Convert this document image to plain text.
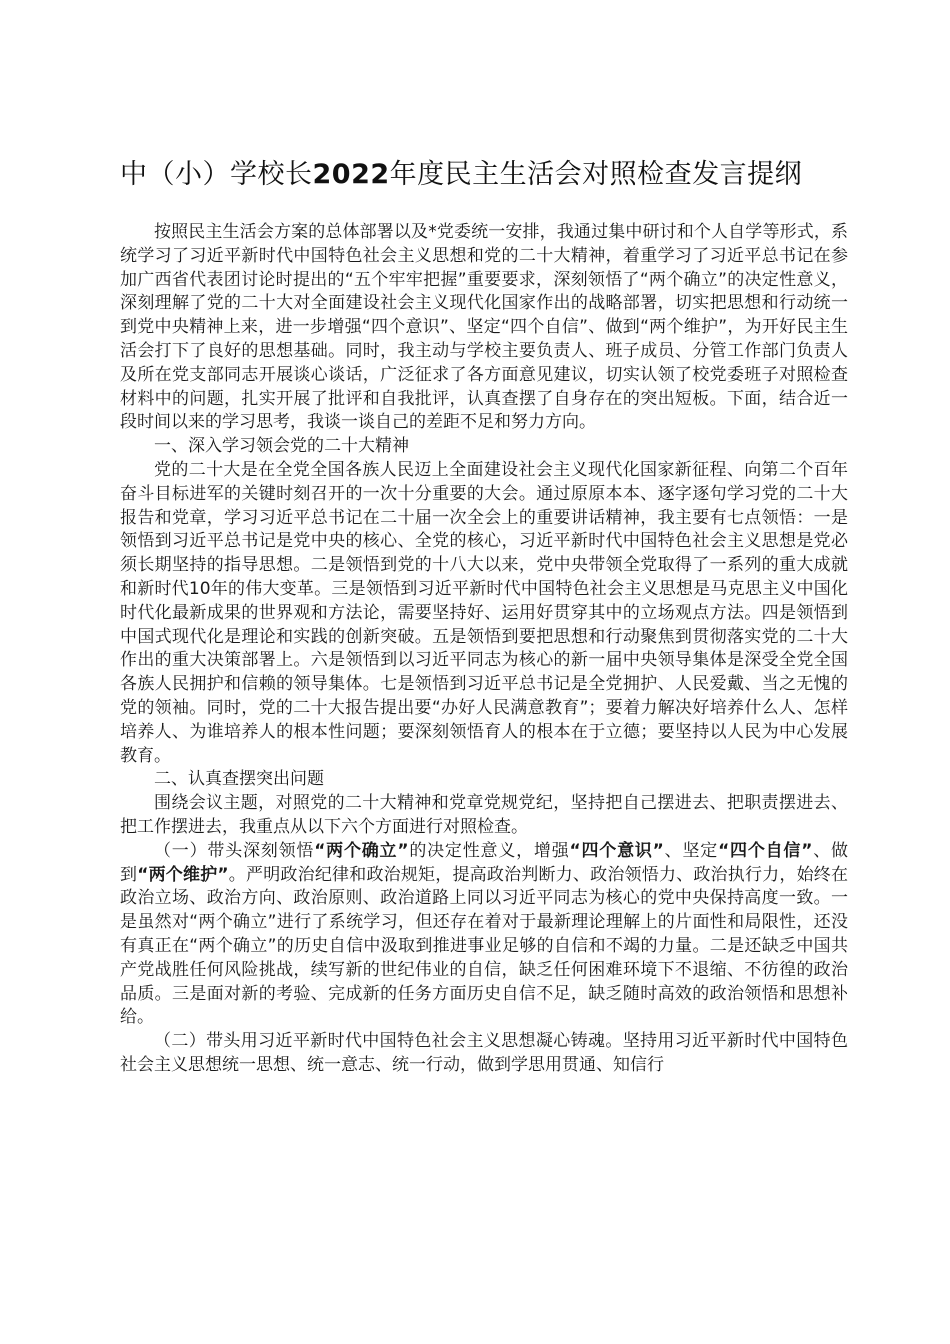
中（小）学校长2022年度民主生活会对照检查发言提纲

按照民主生活会方案的总体部署以及*党委统一安排，我通过集中研讨和个人自学等形式，系统学习了习近平新时代中国特色社会主义思想和党的二十大精神，着重学习了习近平总书记在参加广西省代表团讨论时提出的“五个牢牢把握”重要要求，深刻领悟了“两个确立”的决定性意义，深刻理解了党的二十大对全面建设社会主义现代化国家作出的战略部署，切实把思想和行动统一到党中央精神上来，进一步增强“四个意识”、坚定“四个自信”、做到“两个维护”，为开好民主生活会打下了良好的思想基础。同时，我主动与学校主要负责人、班子成员、分管工作部门负责人及所在党支部同志开展谈心谈话，广泛征求了各方面意见建议，切实认领了校党委班子对照检查材料中的问题，扎实开展了批评和自我批评，认真查摆了自身存在的突出短板。下面，结合近一段时间以来的学习思考，我谈一谈自己的差距不足和努力方向。

一、深入学习领会党的二十大精神

党的二十大是在全党全国各族人民迈上全面建设社会主义现代化国家新征程、向第二个百年奋斗目标进军的关键时刻召开的一次十分重要的大会。通过原原本本、逐字逐句学习党的二十大报告和党章，学习习近平总书记在二十届一次全会上的重要讲话精神，我主要有七点领悟：一是领悟到习近平总书记是党中央的核心、全党的核心，习近平新时代中国特色社会主义思想是党必须长期坚持的指导思想。二是领悟到党的十八大以来，党中央带领全党取得了一系列的重大成就和新时代10年的伟大变革。三是领悟到习近平新时代中国特色社会主义思想是马克思主义中国化时代化最新成果的世界观和方法论，需要坚持好、运用好贯穿其中的立场观点方法。四是领悟到中国式现代化是理论和实践的创新突破。五是领悟到要把思想和行动聚焦到贯彻落实党的二十大作出的重大决策部署上。六是领悟到以习近平同志为核心的新一届中央领导集体是深受全党全国各族人民拥护和信赖的领导集体。七是领悟到习近平总书记是全党拥护、人民爱戴、当之无愧的党的领袖。同时，党的二十大报告提出要“办好人民满意教育”；要着力解决好培养什么人、怎样培养人、为谁培养人的根本性问题；要深刻领悟育人的根本在于立德；要坚持以人民为中心发展教育。

二、认真查摆突出问题

围绕会议主题，对照党的二十大精神和党章党规党纪，坚持把自己摆进去、把职责摆进去、把工作摆进去，我重点从以下六个方面进行对照检查。

（一）带头深刻领悟“两个确立”的决定性意义，增强“四个意识”、坚定“四个自信”、做到“两个维护”。严明政治纪律和政治规矩，提高政治判断力、政治领悟力、政治执行力，始终在政治立场、政治方向、政治原则、政治道路上同以习近平同志为核心的党中央保持高度一致。一是虽然对“两个确立”进行了系统学习，但还存在着对于最新理论理解上的片面性和局限性，还没有真正在“两个确立”的历史自信中汲取到推进事业足够的自信和不竭的力量。二是还缺乏中国共产党战胜任何风险挑战，续写新的世纪伟业的自信，缺乏任何困难环境下不退缩、不彷徨的政治品质。三是面对新的考验、完成新的任务方面历史自信不足，缺乏随时高效的政治领悟和思想补给。

（二）带头用习近平新时代中国特色社会主义思想凝心铸魂。坚持用习近平新时代中国特色社会主义思想统一思想、统一意志、统一行动，做到学思用贯通、知信行
